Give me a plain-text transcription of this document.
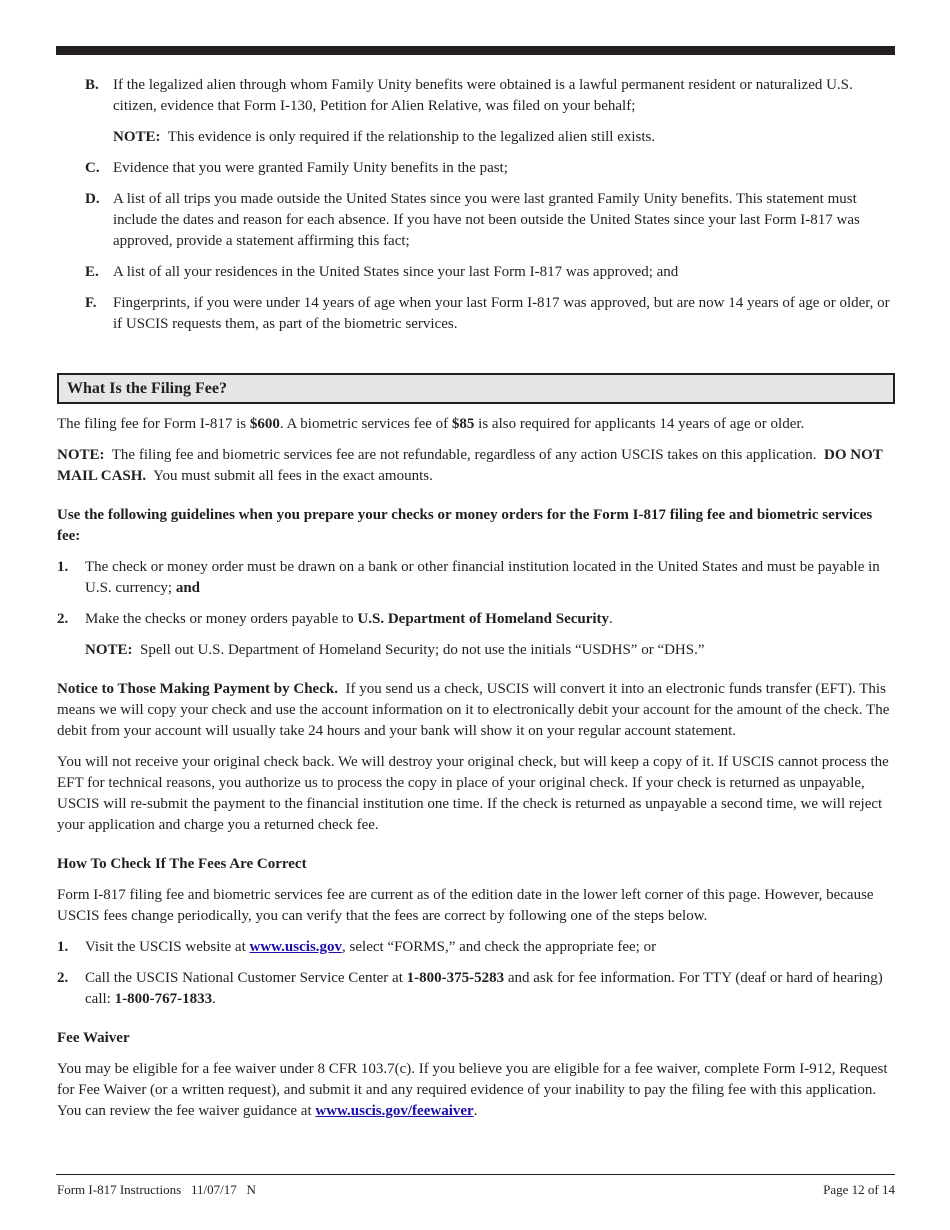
B. If the legalized alien through whom Family Unity benefits were obtained is a lawful permanent resident or naturalized U.S. citizen, evidence that Form I-130, Petition for Alien Relative, was filed on your behalf;
NOTE: This evidence is only required if the relationship to the legalized alien still exists.
C. Evidence that you were granted Family Unity benefits in the past;
D. A list of all trips you made outside the United States since you were last granted Family Unity benefits. This statement must include the dates and reason for each absence. If you have not been outside the United States since your last Form I-817 was approved, provide a statement affirming this fact;
E. A list of all your residences in the United States since your last Form I-817 was approved; and
F.	Fingerprints, if you were under 14 years of age when your last Form I-817 was approved, but are now 14 years of age or older, or if USCIS requests them, as part of the biometric services.
What Is the Filing Fee?

The filing fee for Form I-817 is $600. A biometric services fee of $85 is also required for applicants 14 years of age or older.

NOTE: The filing fee and biometric services fee are not refundable, regardless of any action USCIS takes on this application. DO NOT MAIL CASH. You must submit all fees in the exact amounts.

Use the following guidelines when you prepare your checks or money orders for the Form I-817 filing fee and biometric services fee:

1.	The check or money order must be drawn on a bank or other financial institution located in the United States and must be payable in U.S. currency; and
2.	Make the checks or money orders payable to U.S. Department of Homeland Security.
NOTE: Spell out U.S. Department of Homeland Security; do not use the initials “USDHS” or “DHS.”

Notice to Those Making Payment by Check. If you send us a check, USCIS will convert it into an electronic funds transfer (EFT). This means we will copy your check and use the account information on it to electronically debit your account for the amount of the check. The debit from your account will usually take 24 hours and your bank will show it on your regular account statement.

You will not receive your original check back. We will destroy your original check, but will keep a copy of it. If USCIS cannot process the EFT for technical reasons, you authorize us to process the copy in place of your original check. If your check is returned as unpayable, USCIS will re-submit the payment to the financial institution one time. If the check is returned as unpayable a second time, we will reject your application and charge you a returned check fee.

How To Check If The Fees Are Correct

Form I-817 filing fee and biometric services fee are current as of the edition date in the lower left corner of this page. However, because USCIS fees change periodically, you can verify that the fees are correct by following one of the steps below.

1.	Visit the USCIS website at www.uscis.gov, select “FORMS,” and check the appropriate fee; or
2.	Call the USCIS National Customer Service Center at 1-800-375-5283 and ask for fee information. For TTY (deaf or hard of hearing) call: 1-800-767-1833.
Fee Waiver

You may be eligible for a fee waiver under 8 CFR 103.7(c). If you believe you are eligible for a fee waiver, complete Form I-912, Request for Fee Waiver (or a written request), and submit it and any required evidence of your inability to pay the filing fee with this application. You can review the fee waiver guidance at www.uscis.gov/feewaiver.

Form I-817 Instructions   11/07/17   N	Page 12 of 14
